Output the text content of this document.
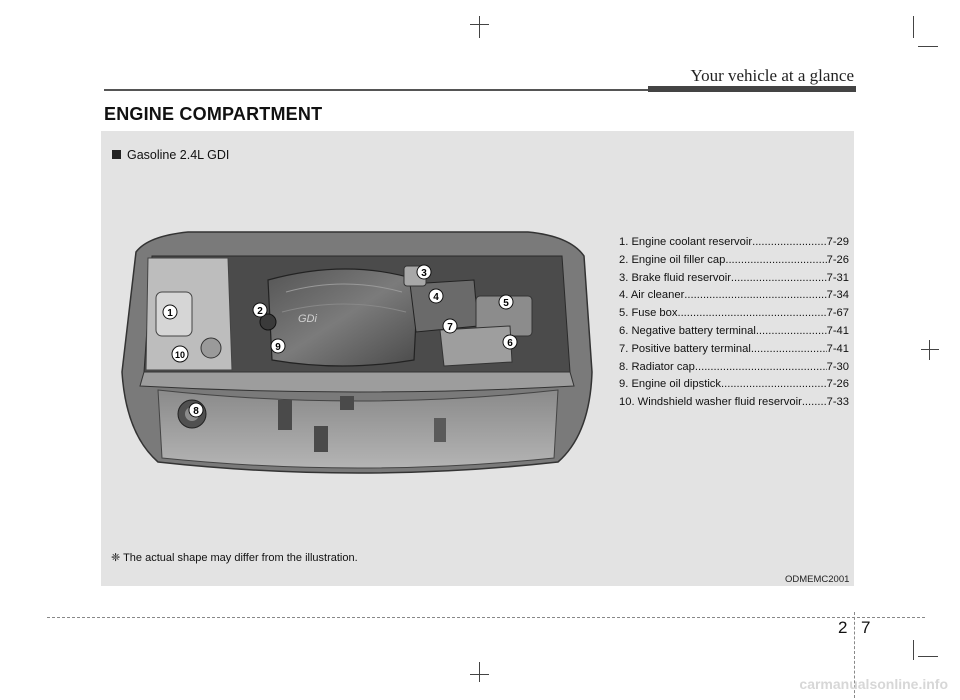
Your vehicle at a glance
ENGINE COMPARTMENT
Gasoline 2.4L GDI
GDi
1	2
3
4
5
6
7
8
9
10
1. Engine coolant reservoir .....	7-29
2. Engine oil filler cap .....	7-26
3. Brake fluid reservoir .....	7-31
4. Air cleaner .....	7-34
5. Fuse box .....	7-67
6. Negative battery terminal .....	7-41
7. Positive battery terminal .....	7-41
8. Radiator cap .....	7-30
9. Engine oil dipstick .....	7-26
10. Windshield washer fluid reservoir ..... 7-33
❈ The actual shape may differ from the illustration.
ODMEMC2001
2 7
carmanualsonline.info
